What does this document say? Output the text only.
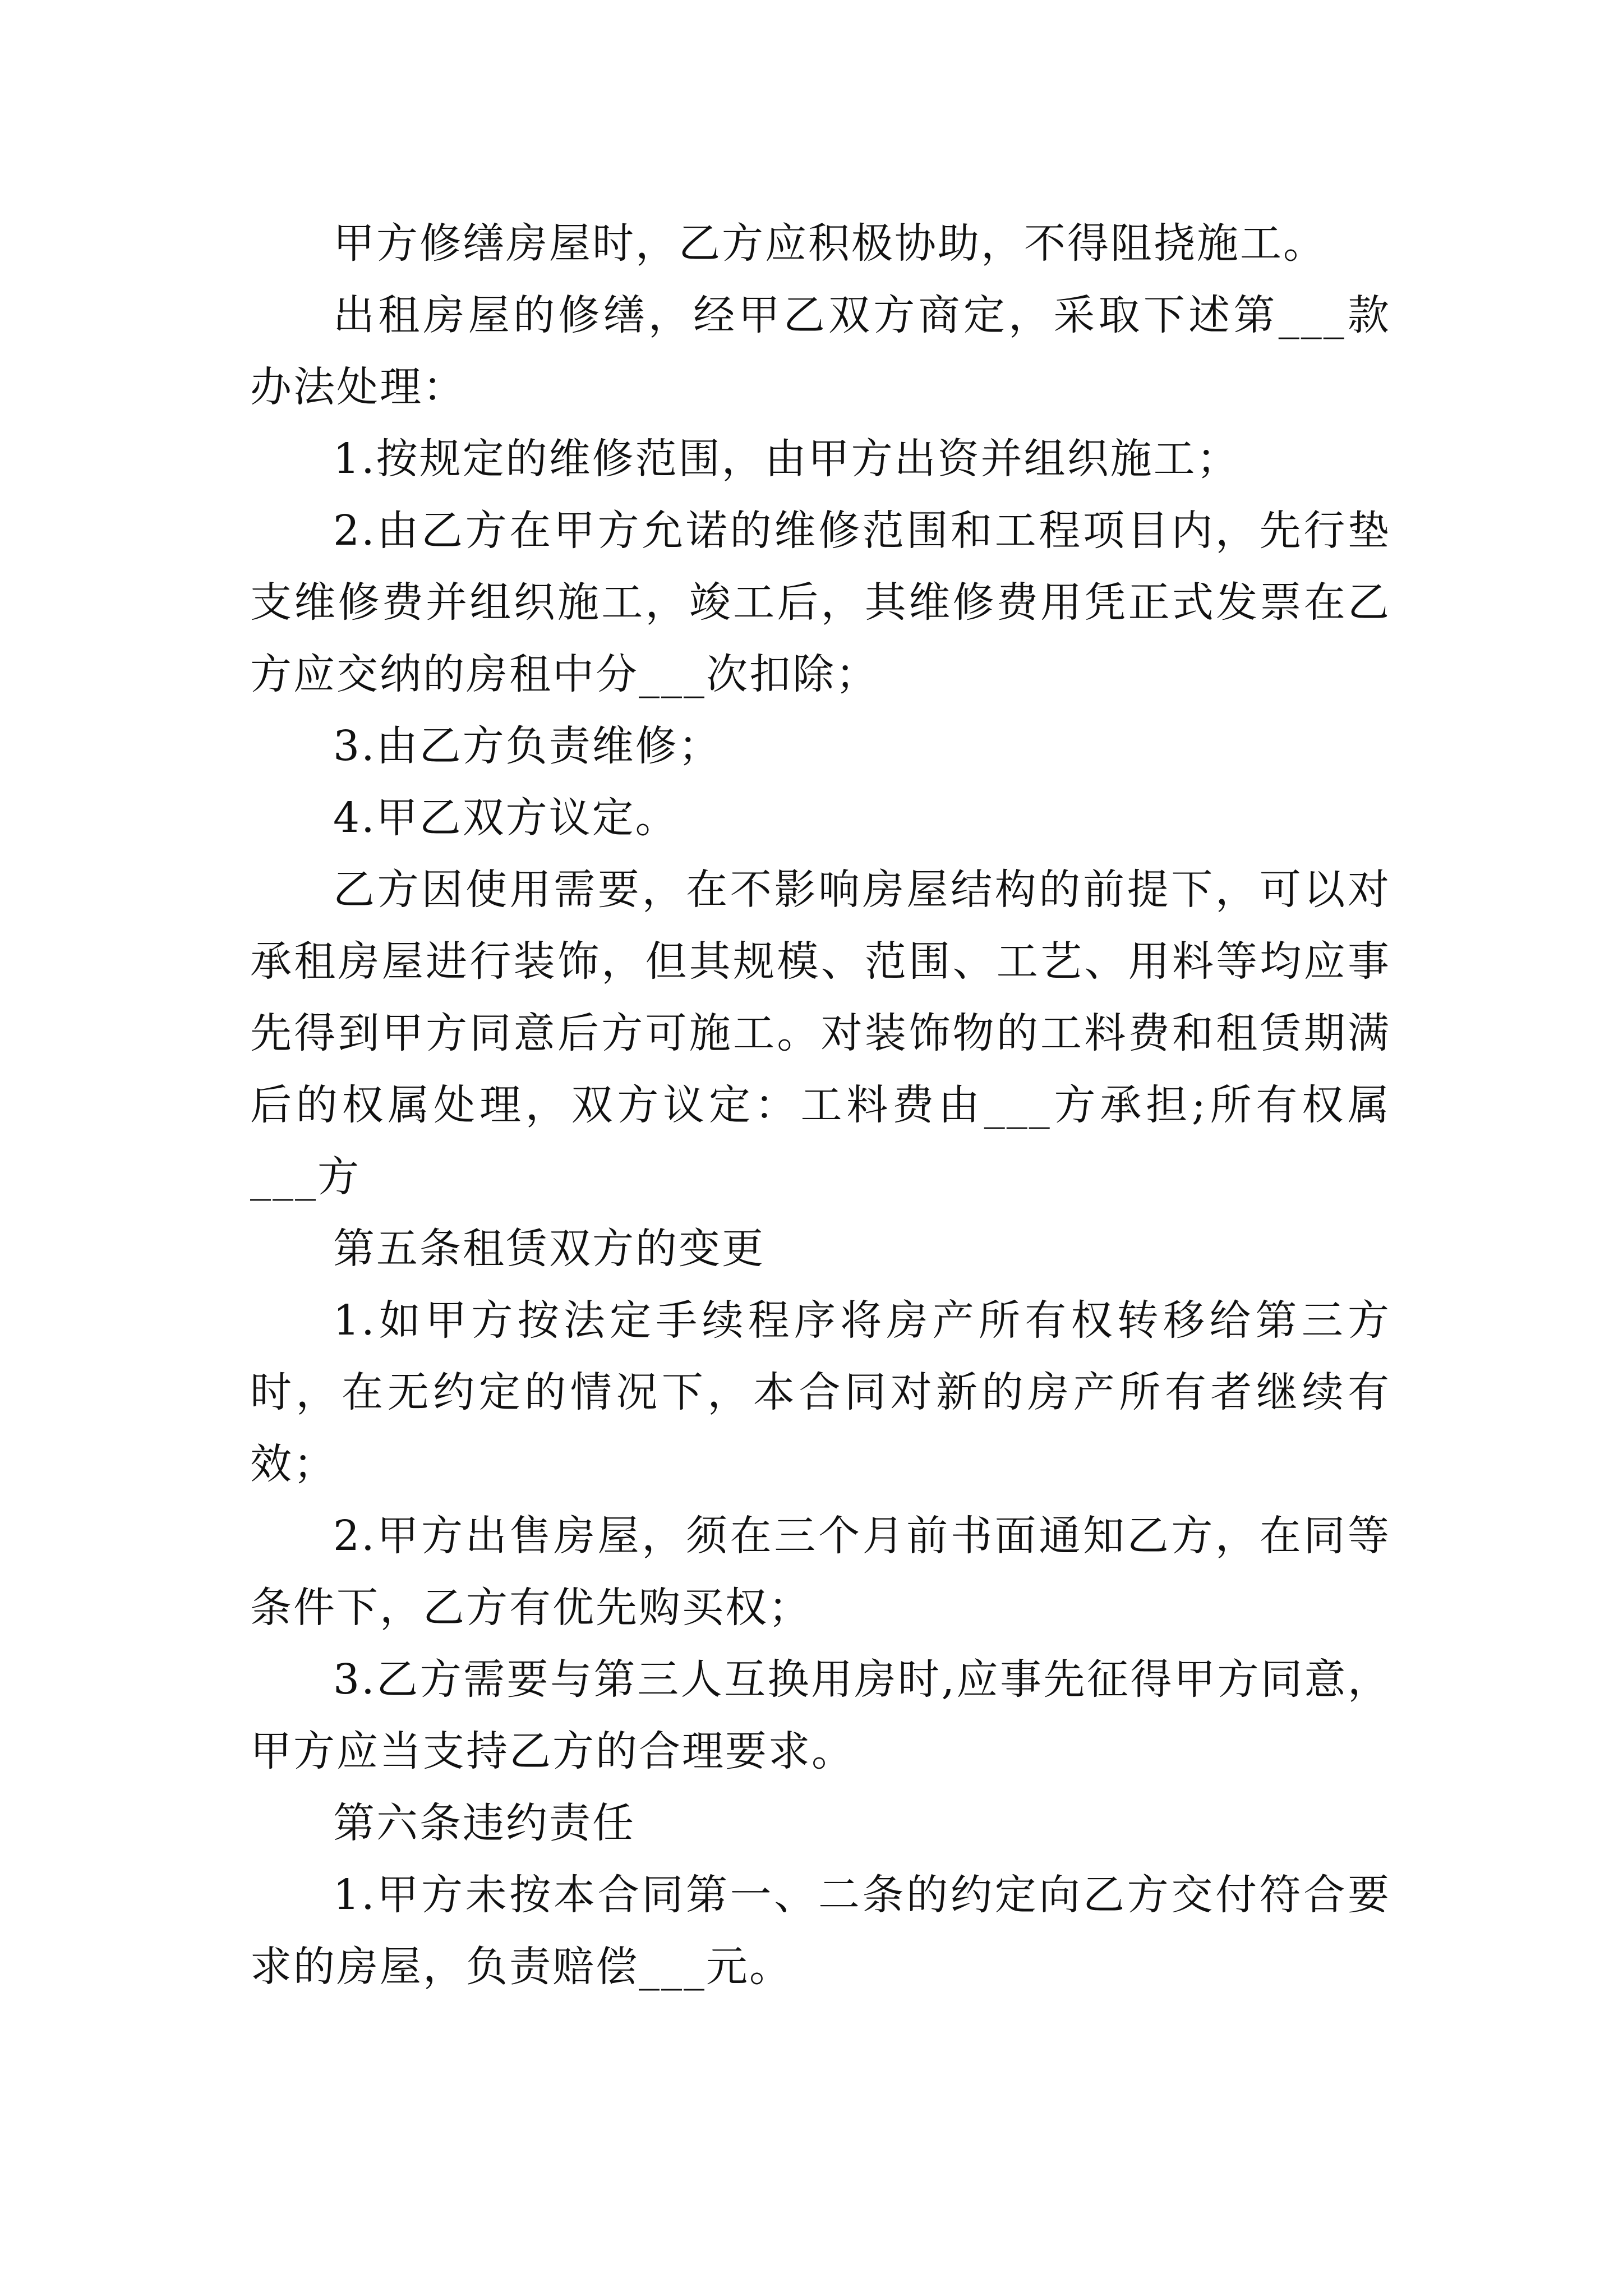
甲方修缮房屋时，乙方应积极协助，不得阻挠施工。

出租房屋的修缮，经甲乙双方商定，采取下述第___款办法处理：

1.按规定的维修范围，由甲方出资并组织施工；

2.由乙方在甲方允诺的维修范围和工程项目内，先行垫支维修费并组织施工，竣工后，其维修费用凭正式发票在乙方应交纳的房租中分___次扣除；

3.由乙方负责维修；

4.甲乙双方议定。

乙方因使用需要，在不影响房屋结构的前提下，可以对承租房屋进行装饰，但其规模、范围、工艺、用料等均应事先得到甲方同意后方可施工。对装饰物的工料费和租赁期满后的权属处理，双方议定：工料费由___方承担;所有权属___方

第五条租赁双方的变更

1.如甲方按法定手续程序将房产所有权转移给第三方时，在无约定的情况下，本合同对新的房产所有者继续有效；

2.甲方出售房屋，须在三个月前书面通知乙方，在同等条件下，乙方有优先购买权；

3.乙方需要与第三人互换用房时,应事先征得甲方同意，甲方应当支持乙方的合理要求。

第六条违约责任

1.甲方未按本合同第一、二条的约定向乙方交付符合要求的房屋，负责赔偿___元。
